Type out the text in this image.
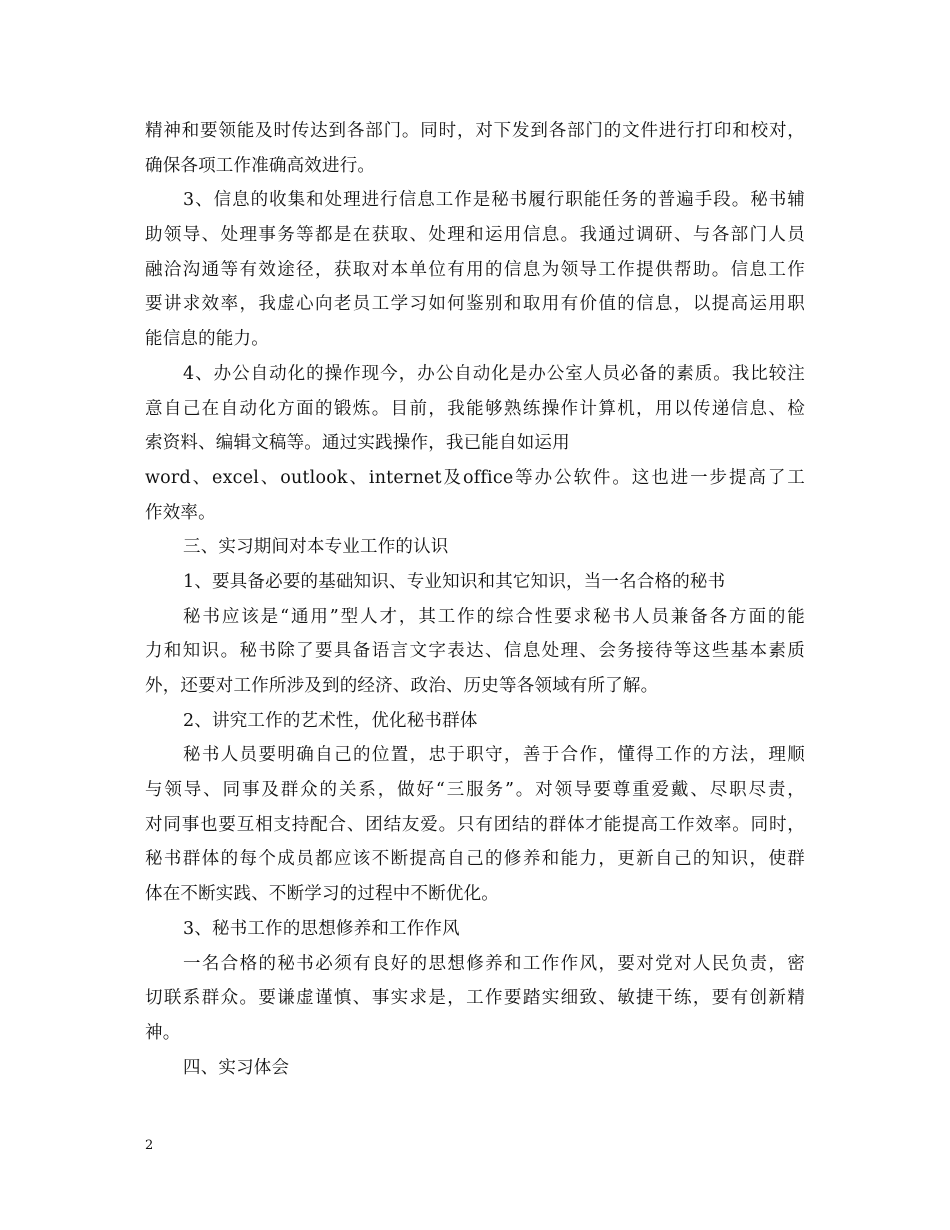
精神和要领能及时传达到各部门。同时，对下发到各部门的文件进行打印和校对，
确保各项工作准确高效进行。
3、信息的收集和处理进行信息工作是秘书履行职能任务的普遍手段。秘书辅
助领导、处理事务等都是在获取、处理和运用信息。我通过调研、与各部门人员
融洽沟通等有效途径，获取对本单位有用的信息为领导工作提供帮助。信息工作
要讲求效率，我虚心向老员工学习如何鉴别和取用有价值的信息，以提高运用职
能信息的能力。
4、办公自动化的操作现今，办公自动化是办公室人员必备的素质。我比较注
意自己在自动化方面的锻炼。目前，我能够熟练操作计算机，用以传递信息、检
索资料、编辑文稿等。通过实践操作，我已能自如运用
word、excel、outlook、internet及office等办公软件。这也进一步提高了工
作效率。
三、实习期间对本专业工作的认识
1、要具备必要的基础知识、专业知识和其它知识，当一名合格的秘书
秘书应该是“通用”型人才，其工作的综合性要求秘书人员兼备各方面的能
力和知识。秘书除了要具备语言文字表达、信息处理、会务接待等这些基本素质
外，还要对工作所涉及到的经济、政治、历史等各领域有所了解。
2、讲究工作的艺术性，优化秘书群体
秘书人员要明确自己的位置，忠于职守，善于合作，懂得工作的方法，理顺
与领导、同事及群众的关系，做好“三服务”。对领导要尊重爱戴、尽职尽责，
对同事也要互相支持配合、团结友爱。只有团结的群体才能提高工作效率。同时，
秘书群体的每个成员都应该不断提高自己的修养和能力，更新自己的知识，使群
体在不断实践、不断学习的过程中不断优化。
3、秘书工作的思想修养和工作作风
一名合格的秘书必须有良好的思想修养和工作作风，要对党对人民负责，密
切联系群众。要谦虚谨慎、事实求是，工作要踏实细致、敏捷干练，要有创新精
神。
四、实习体会
2
